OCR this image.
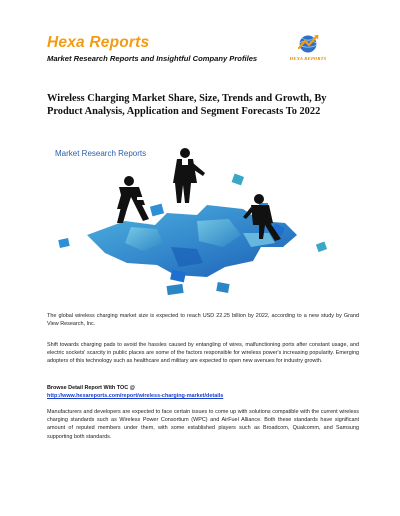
Hexa Reports
Market Research Reports and Insightful Company Profiles	HEXA REPORTS
Wireless Charging Market Share, Size, Trends and Growth, By Product Analysis, Application and Segment Forecasts To 2022
Market Research Reports

The global wireless charging market size is expected to reach USD 22.25 billion by 2022, according to a new study by Grand View Research, Inc.

Shift towards charging pads to avoid the hassles caused by entangling of wires, malfunctioning ports after constant usage, and electric sockets' scarcity in public places are some of the factors responsible for wireless power's increasing popularity. Emerging adopters of this technology such as healthcare and military are expected to open new avenues for industry growth.

Browse Detail Report With TOC @
http://www.hexareports.com/report/wireless-charging-market/details

Manufacturers and developers are expected to face certain issues to come up with solutions compatible with the current wireless charging standards such as Wireless Power Consortium (WPC) and AirFuel Alliance. Both these standards have significant amount of reputed members under them, with some established players such as Broadcom, Qualcomm, and Samsung supporting both standards.
